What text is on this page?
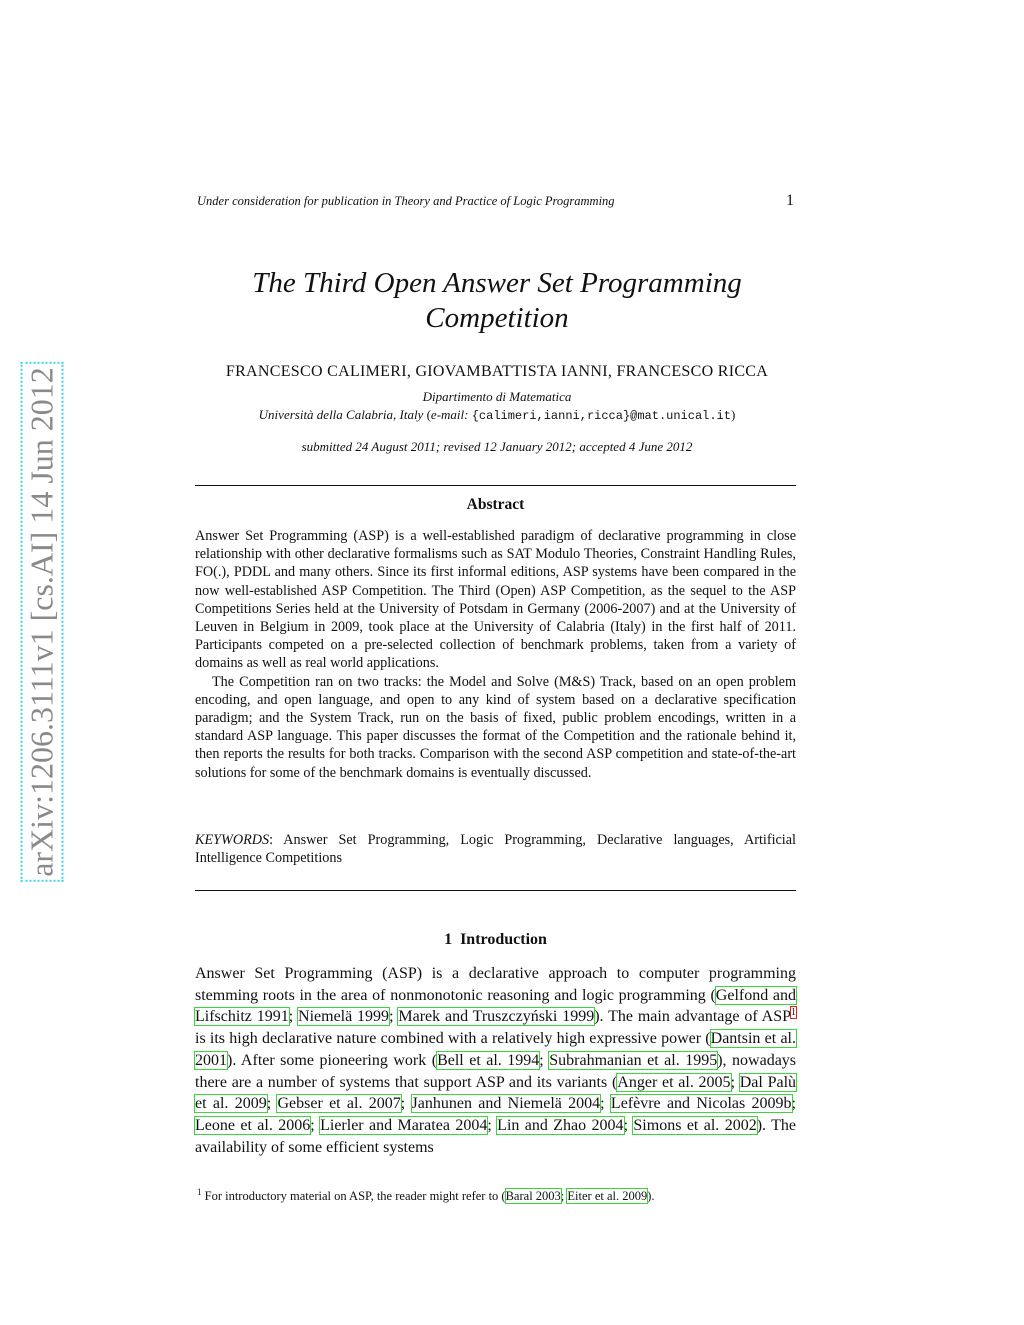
Under consideration for publication in Theory and Practice of Logic Programming	1
The Third Open Answer Set Programming Competition
FRANCESCO CALIMERI, GIOVAMBATTISTA IANNI, FRANCESCO RICCA
Dipartimento di Matematica
Università della Calabria, Italy (e-mail: {calimeri,ianni,ricca}@mat.unical.it)
submitted 24 August 2011; revised 12 January 2012; accepted 4 June 2012
Abstract

Answer Set Programming (ASP) is a well-established paradigm of declarative programming in close relationship with other declarative formalisms such as SAT Modulo Theories, Constraint Handling Rules, FO(.), PDDL and many others. Since its first informal editions, ASP systems have been compared in the now well-established ASP Competition. The Third (Open) ASP Competition, as the sequel to the ASP Competitions Series held at the University of Potsdam in Germany (2006-2007) and at the University of Leuven in Belgium in 2009, took place at the University of Calabria (Italy) in the first half of 2011. Participants competed on a pre-selected collection of benchmark problems, taken from a variety of domains as well as real world applications.

The Competition ran on two tracks: the Model and Solve (M&S) Track, based on an open problem encoding, and open language, and open to any kind of system based on a declarative specification paradigm; and the System Track, run on the basis of fixed, public problem encodings, written in a standard ASP language. This paper discusses the format of the Competition and the rationale behind it, then reports the results for both tracks. Comparison with the second ASP competition and state-of-the-art solutions for some of the benchmark domains is eventually discussed.

KEYWORDS: Answer Set Programming, Logic Programming, Declarative languages, Artificial Intelligence Competitions
1 Introduction
Answer Set Programming (ASP) is a declarative approach to computer programming stemming roots in the area of nonmonotonic reasoning and logic programming (Gelfond and Lifschitz 1991; Niemelä 1999; Marek and Truszczyński 1999). The main advantage of ASP$^1$ is its high declarative nature combined with a relatively high expressive power (Dantsin et al. 2001). After some pioneering work (Bell et al. 1994; Subrahmanian et al. 1995), nowadays there are a number of systems that support ASP and its variants (Anger et al. 2005; Dal Palù et al. 2009; Gebser et al. 2007; Janhunen and Niemelä 2004; Lefèvre and Nicolas 2009b; Leone et al. 2006; Lierler and Maratea 2004; Lin and Zhao 2004; Simons et al. 2002). The availability of some efficient systems
$^1$ For introductory material on ASP, the reader might refer to (Baral 2003; Eiter et al. 2009).
arXiv:1206.3111v1 [cs.AI] 14 Jun 2012
